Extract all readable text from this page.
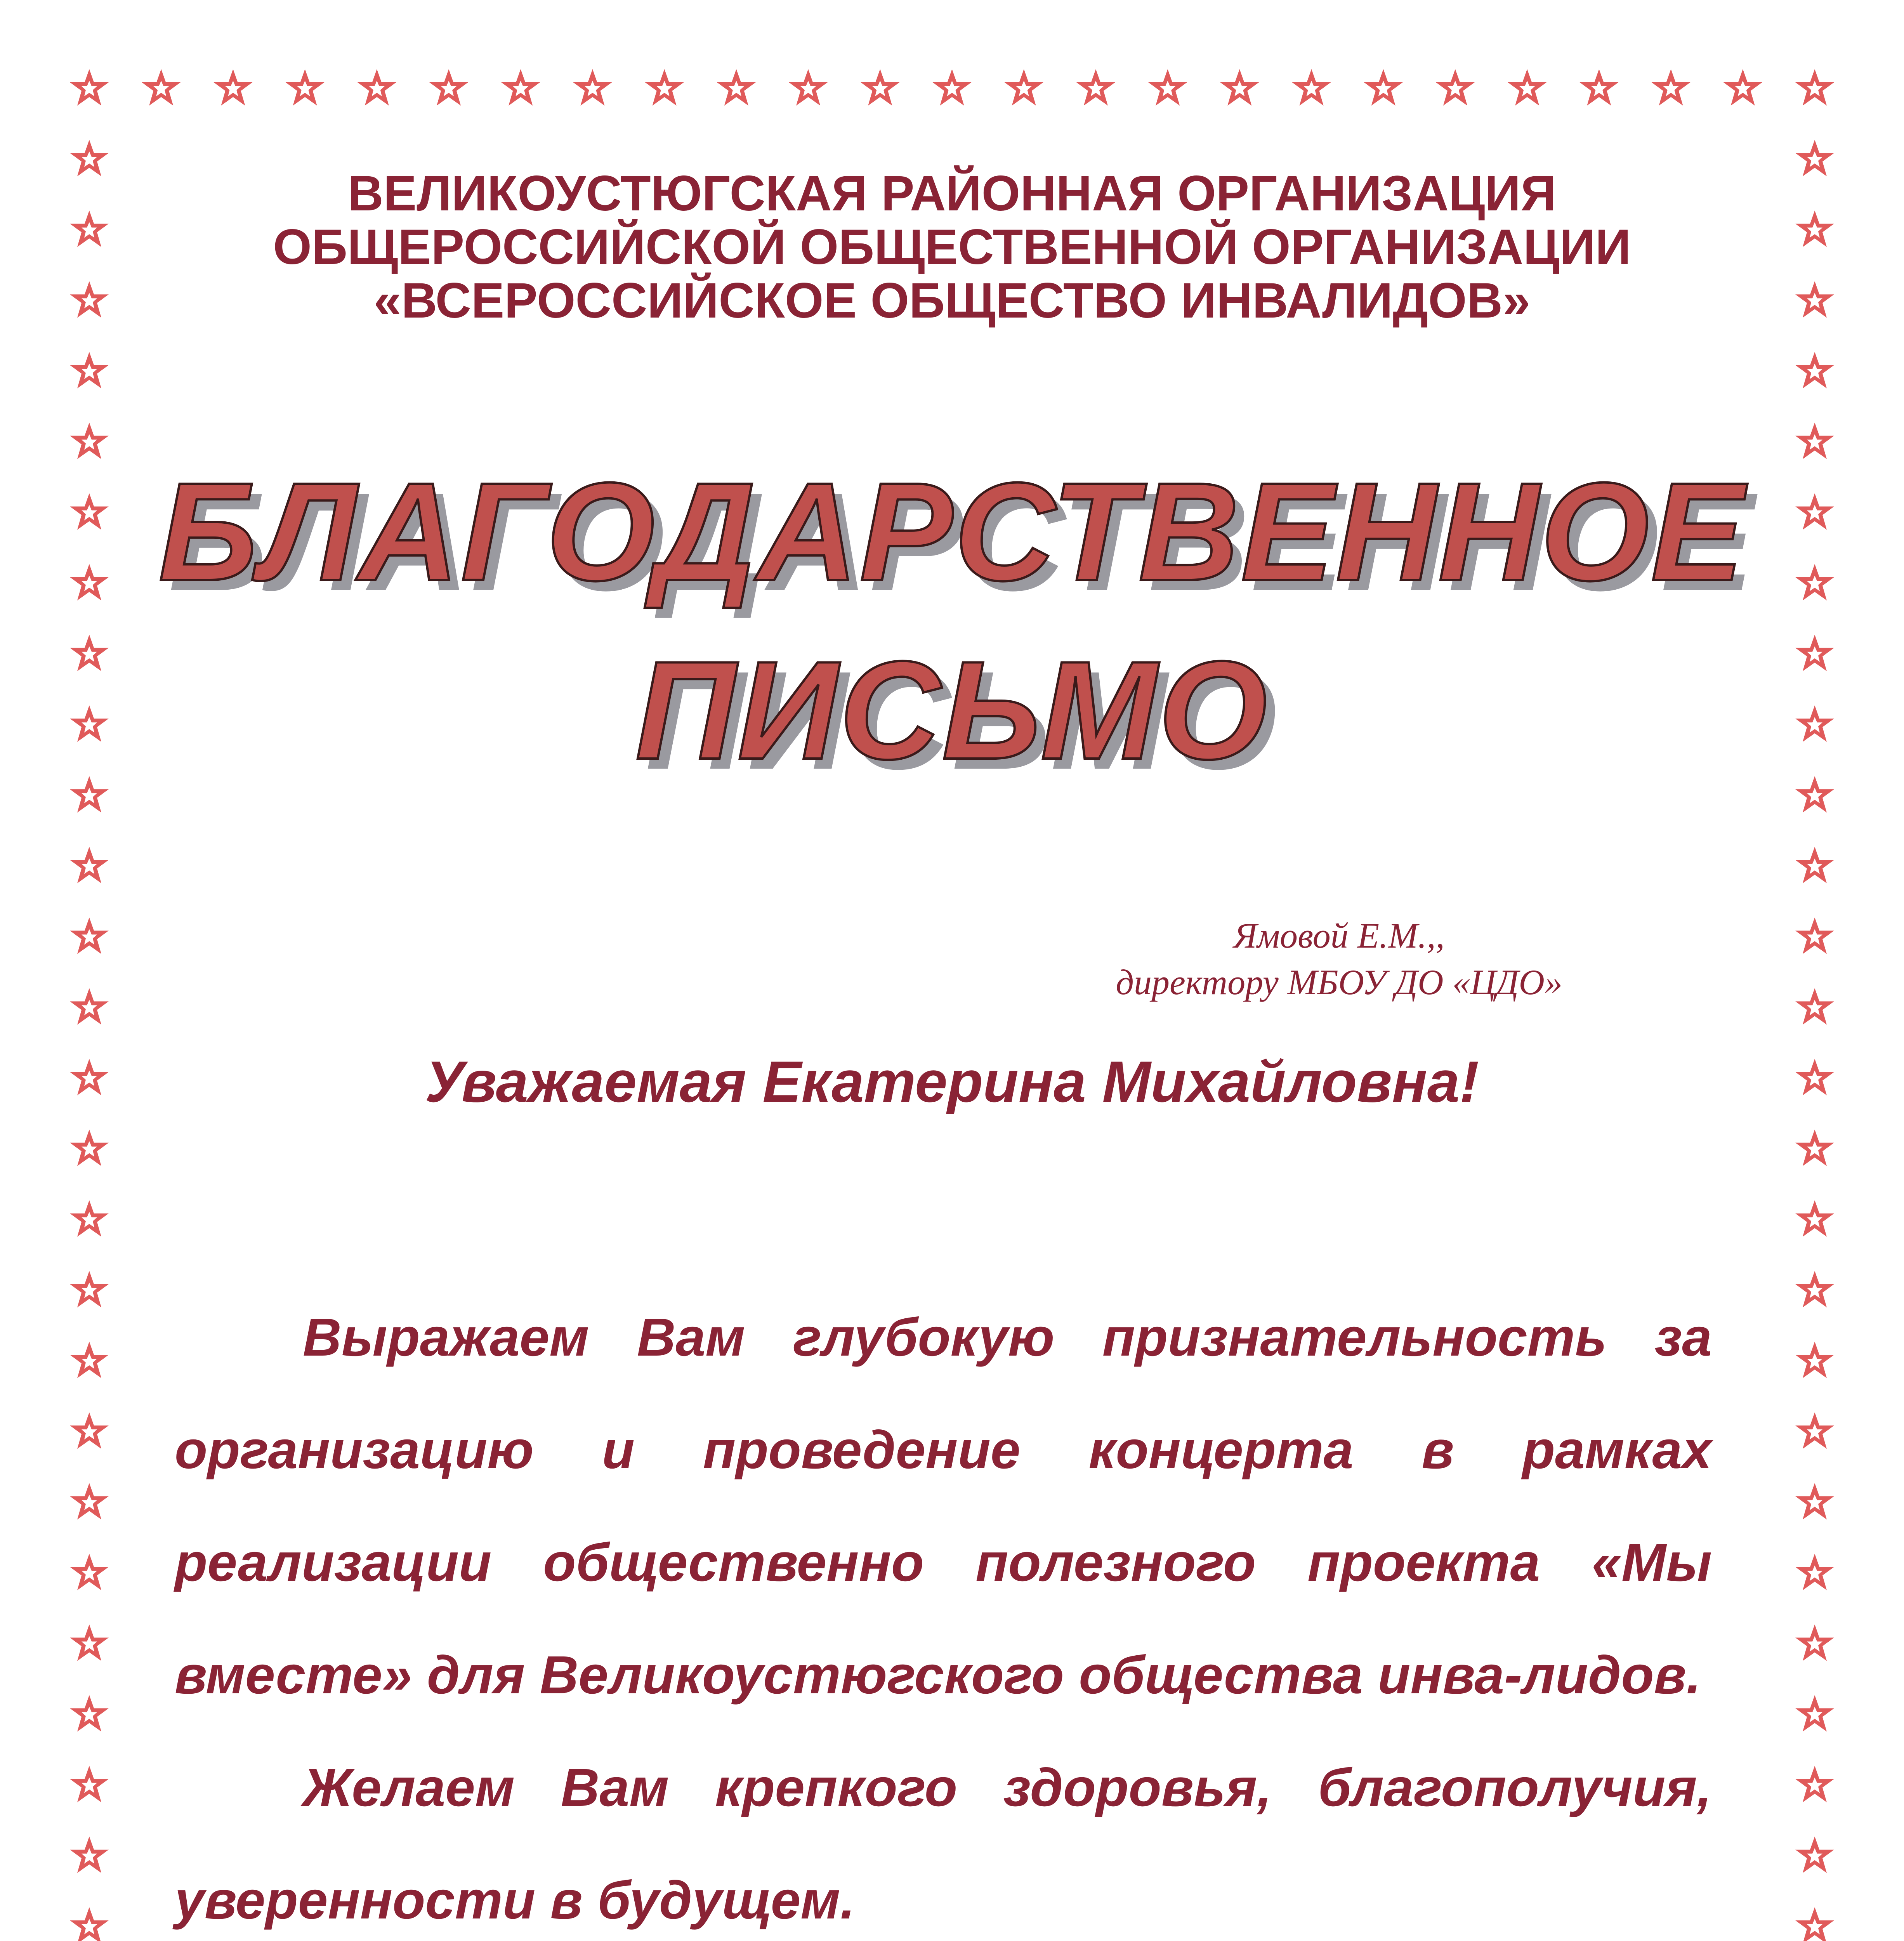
ВЕЛИКОУСТЮГСКАЯ РАЙОННАЯ ОРГАНИЗАЦИЯ
ОБЩЕРОССИЙСКОЙ ОБЩЕСТВЕННОЙ ОРГАНИЗАЦИИ
«ВСЕРОССИЙСКОЕ ОБЩЕСТВО ИНВАЛИДОВ»
БЛАГОДАРСТВЕННОЕ
ПИСЬМО
Ямовой Е.М.,,
директору МБОУ ДО «ЦДО»
Уважаемая Екатерина Михайловна!

Выражаем Вам глубокую признательность за организацию и проведение концерта в рамках реализации общественно полезного проекта «Мы вместе» для Великоустюгского общества инва-лидов.

Желаем Вам крепкого здоровья, благополучия, уверенности в будущем.
